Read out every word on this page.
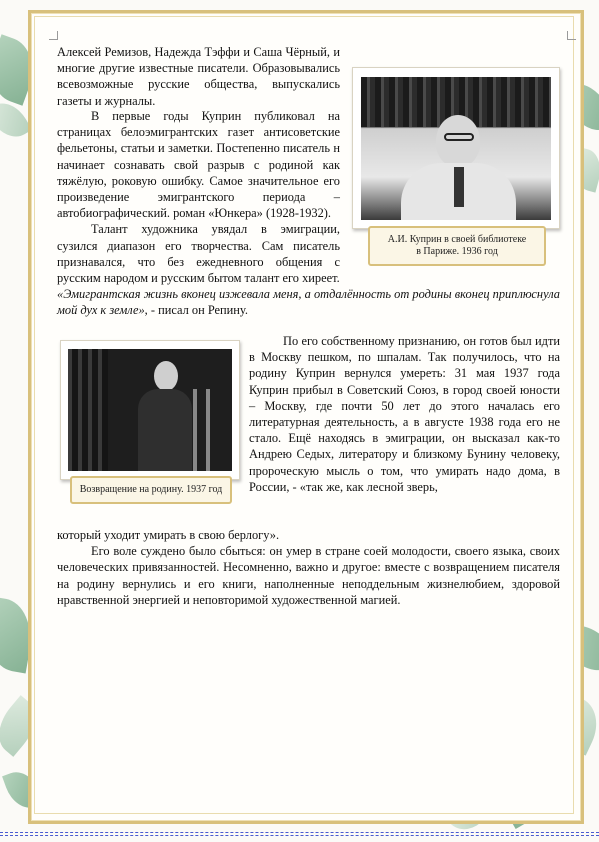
Алексей Ремизов, Надежда Тэффи и Саша Чёрный, и многие другие известные писатели. Образовывались всевозможные русские общества, выпускались газеты и журналы.

А.И. Куприн в своей библиотеке
в Париже. 1936 год

В первые годы Куприн публиковал на страницах белоэмигрантских газет антисоветские фельетоны, статьи и заметки. Постепенно писатель н начинает сознавать свой разрыв с родиной как тяжёлую, роковую ошибку. Самое значительное его произведение эмигрантского периода – автобиографический. роман «Юнкера» (1928-1932).

Талант художника увядал в эмиграции, сузился диапазон его творчества. Сам писатель признавался, что без ежедневного общения с русским народом и русским бытом талант его хиреет.

«Эмигрантская жизнь вконец изжевала меня, а отдалённость от родины вконец приплюснула мой дух к земле», - писал он Репину.

Возвращение на родину. 1937 год

По его собственному признанию, он готов был идти в Москву пешком, по шпалам. Так получилось, что на родину Куприн вернулся умереть: 31 мая 1937 года Куприн прибыл в Советский Союз, в город своей юности – Москву, где почти 50 лет до этого началась его литературная деятельность, а в августе 1938 года его не стало. Ещё находясь в эмиграции, он высказал как-то Андрею Седых, литератору и близкому Бунину человеку, пророческую мысль о том, что умирать надо дома, в России, - «так же, как лесной зверь,

который уходит умирать в свою берлогу».

Его воле суждено было сбыться: он умер в стране соей молодости, своего языка, своих человеческих привязанностей. Несомненно, важно и другое: вместе с возвращением писателя на родину вернулись и его книги, наполненные неподдельным жизнелюбием, здоровой нравственной энергией и неповторимой художественной магией.
